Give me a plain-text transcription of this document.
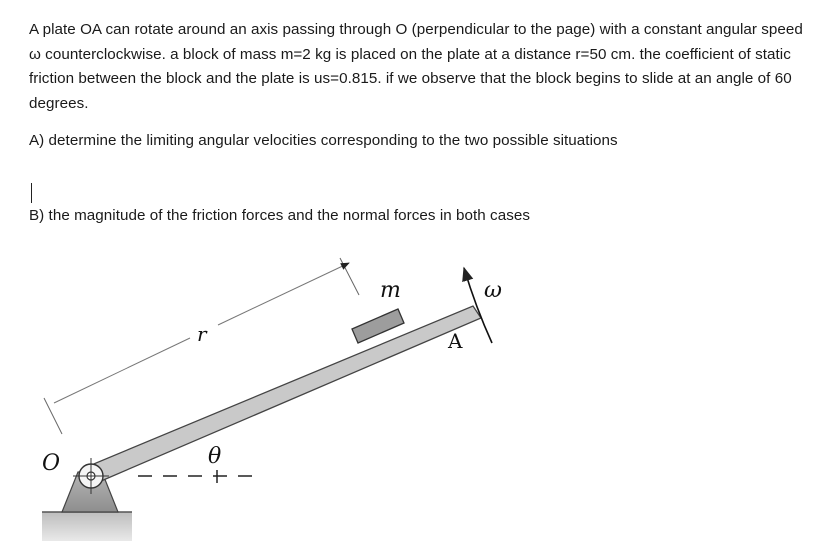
A plate OA can rotate around an axis passing through O (perpendicular to the page) with a constant angular speed ω counterclockwise. a block of mass m=2 kg is placed on the plate at a distance r=50 cm. the coefficient of static friction between the block and the plate is us=0.815. if we observe that the block begins to slide at an angle of 60 degrees.

A) determine the limiting angular velocities corresponding to the two possible situations

B) the magnitude of the friction forces and the normal forces in both cases

r
m
A
ω
O	θ
